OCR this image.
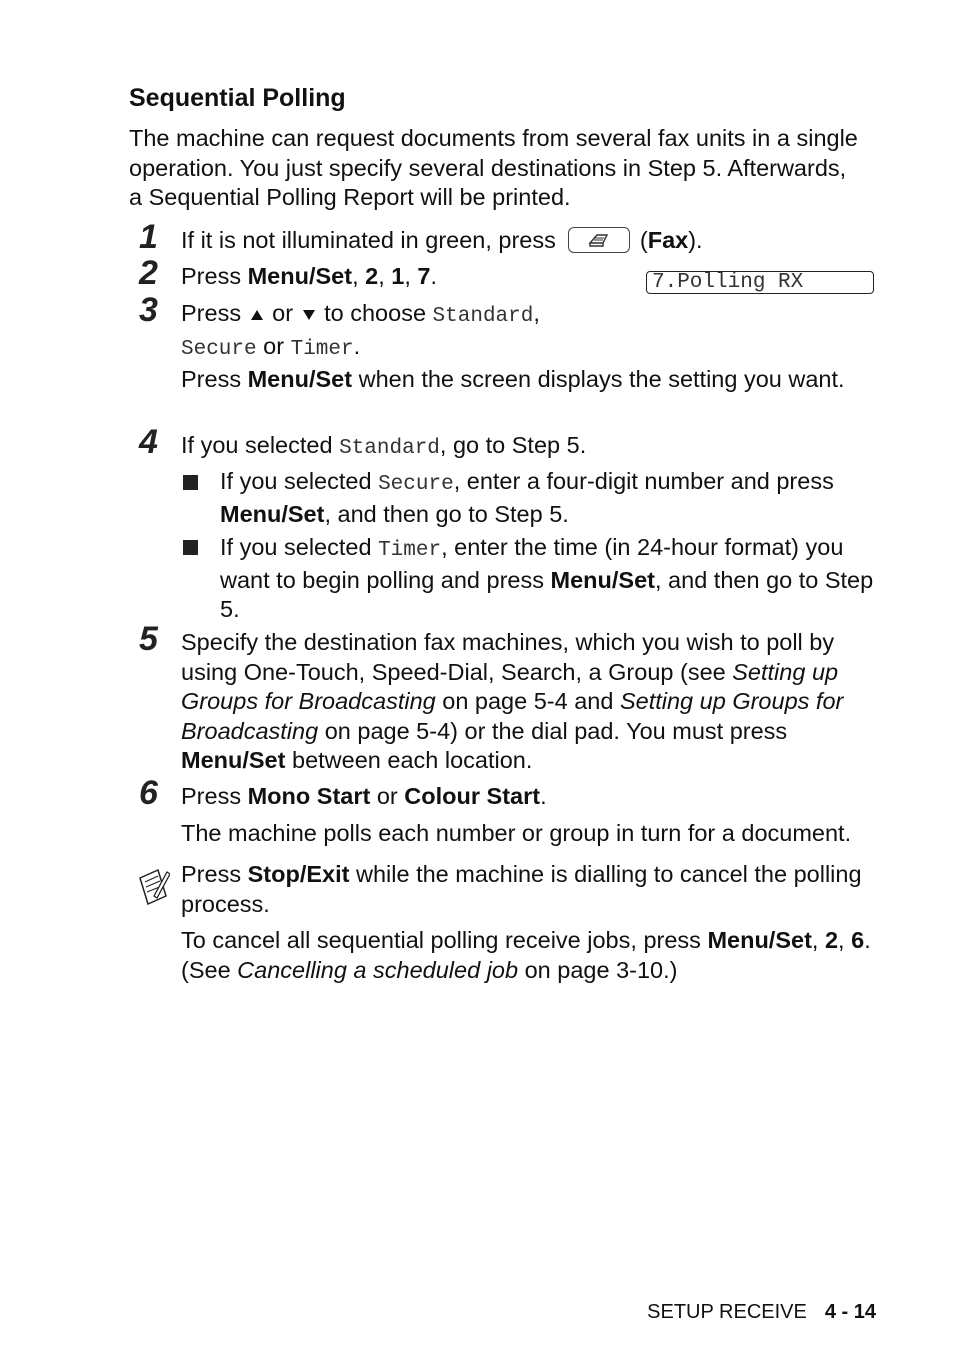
Sequential Polling
The machine can request documents from several fax units in a single operation. You just specify several destinations in Step 5. Afterwards, a Sequential Polling Report will be printed.
1 If it is not illuminated in green, press	(Fax).
2 Press Menu/Set, 2, 1, 7.	7.Polling RX
3 Press or to choose Standard, Secure or Timer.
Press Menu/Set when the screen displays the setting you want.
4 If you selected Standard, go to Step 5.
If you selected Secure, enter a four-digit number and press Menu/Set, and then go to Step 5.
If you selected Timer, enter the time (in 24-hour format) you want to begin polling and press Menu/Set, and then go to Step 5.
5 Specify the destination fax machines, which you wish to poll by using One-Touch, Speed-Dial, Search, a Group (see Setting up Groups for Broadcasting on page 5-4 and Setting up Groups for Broadcasting on page 5-4) or the dial pad. You must press Menu/Set between each location.
6 Press Mono Start or Colour Start.
The machine polls each number or group in turn for a document.
Press Stop/Exit while the machine is dialling to cancel the polling process.
To cancel all sequential polling receive jobs, press Menu/Set, 2, 6. (See Cancelling a scheduled job on page 3-10.)
SETUP RECEIVE 4 - 14
